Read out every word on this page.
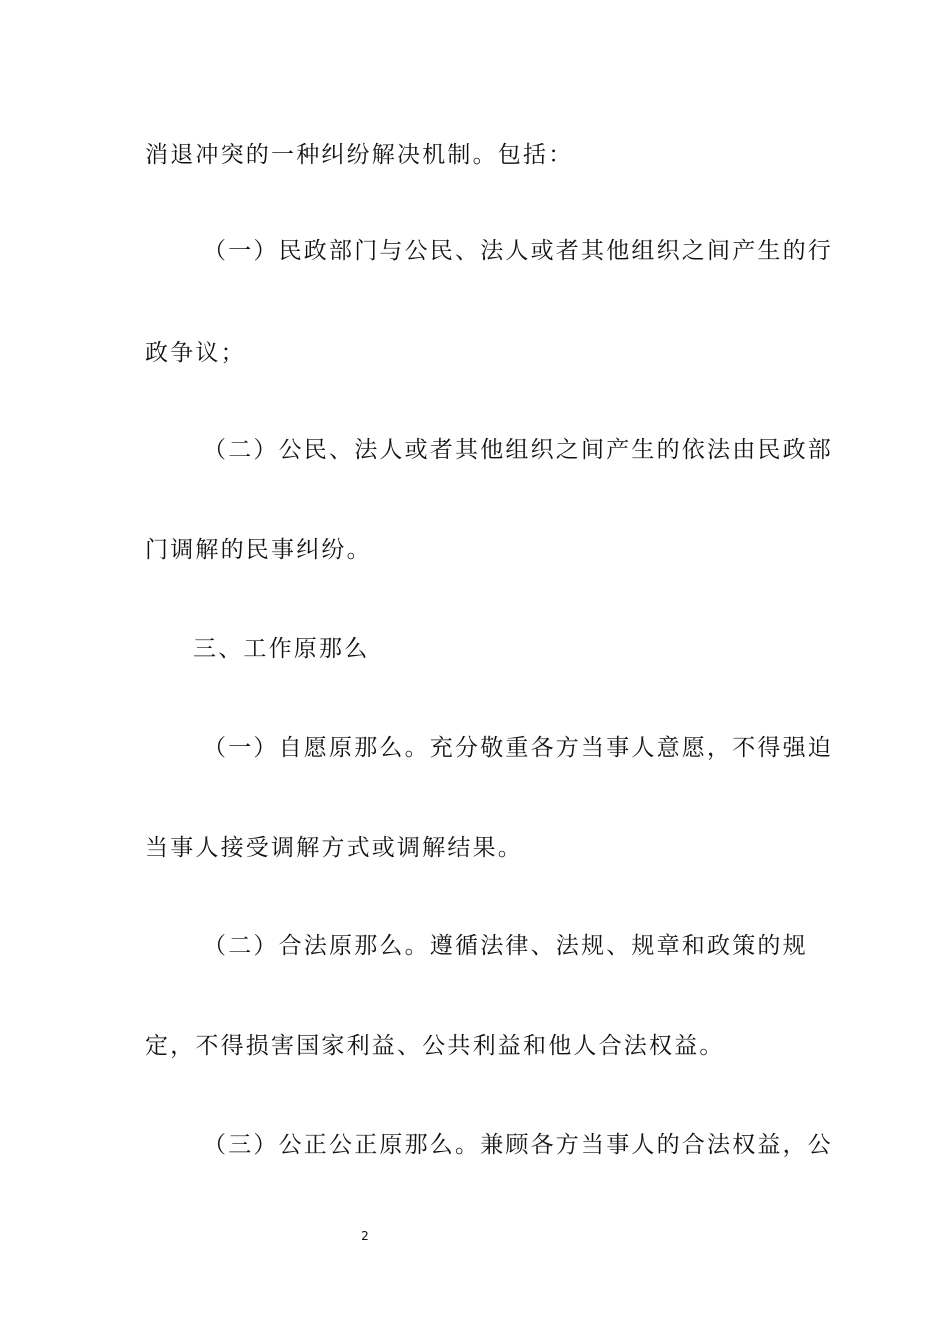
消退冲突的一种纠纷解决机制。包括：
（一）民政部门与公民、法人或者其他组织之间产生的行
政争议；
（二）公民、法人或者其他组织之间产生的依法由民政部
门调解的民事纠纷。
三、工作原那么
（一）自愿原那么。充分敬重各方当事人意愿，不得强迫
当事人接受调解方式或调解结果。
（二）合法原那么。遵循法律、法规、规章和政策的规
定，不得损害国家利益、公共利益和他人合法权益。
（三）公正公正原那么。兼顾各方当事人的合法权益，公
2
